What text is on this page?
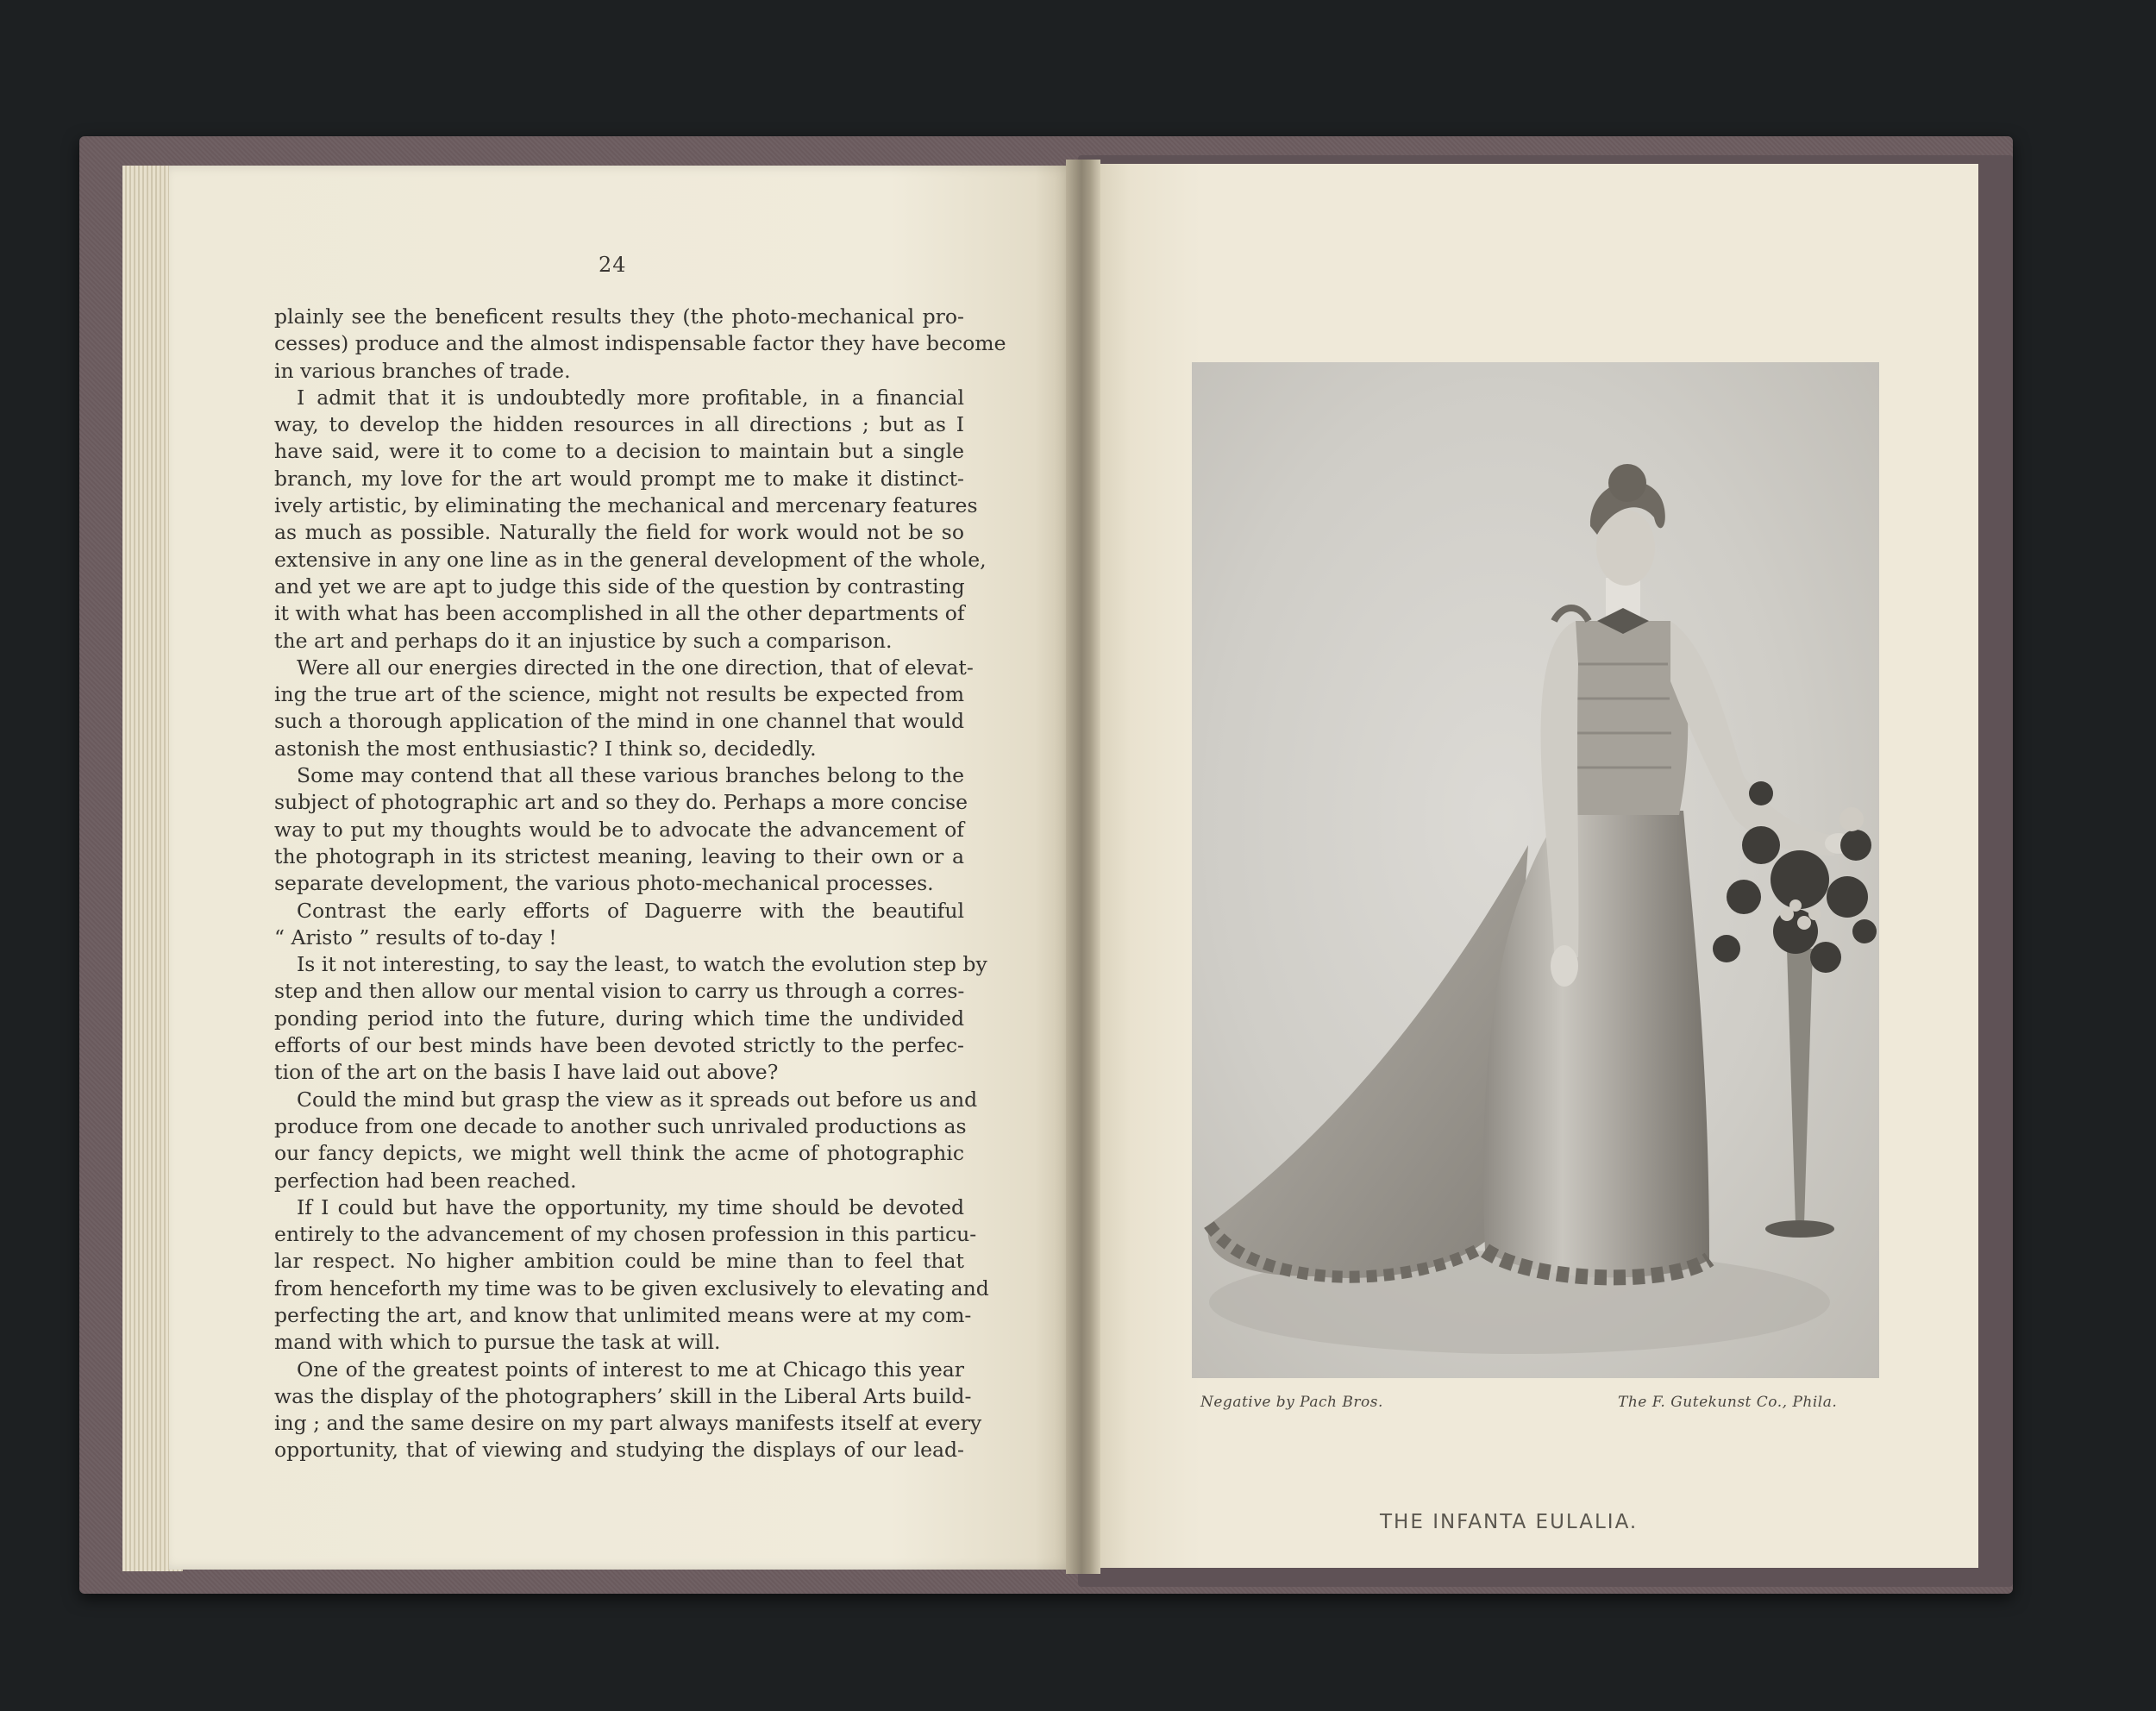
24
plainly see the beneficent results they (the photo-mechanical pro-
cesses) produce and the almost indispensable factor they have become
in various branches of trade.
I admit that it is undoubtedly more profitable, in a financial
way, to develop the hidden resources in all directions ; but as I
have said, were it to come to a decision to maintain but a single
branch, my love for the art would prompt me to make it distinct-
ively artistic, by eliminating the mechanical and mercenary features
as much as possible. Naturally the field for work would not be so
extensive in any one line as in the general development of the whole,
and yet we are apt to judge this side of the question by contrasting
it with what has been accomplished in all the other departments of
the art and perhaps do it an injustice by such a comparison.
Were all our energies directed in the one direction, that of elevat-
ing the true art of the science, might not results be expected from
such a thorough application of the mind in one channel that would
astonish the most enthusiastic? I think so, decidedly.
Some may contend that all these various branches belong to the
subject of photographic art and so they do. Perhaps a more concise
way to put my thoughts would be to advocate the advancement of
the photograph in its strictest meaning, leaving to their own or a
separate development, the various photo-mechanical processes.
Contrast the early efforts of Daguerre with the beautiful
“ Aristo ” results of to-day !
Is it not interesting, to say the least, to watch the evolution step by
step and then allow our mental vision to carry us through a corres-
ponding period into the future, during which time the undivided
efforts of our best minds have been devoted strictly to the perfec-
tion of the art on the basis I have laid out above?
Could the mind but grasp the view as it spreads out before us and
produce from one decade to another such unrivaled productions as
our fancy depicts, we might well think the acme of photographic
perfection had been reached.
If I could but have the opportunity, my time should be devoted
entirely to the advancement of my chosen profession in this particu-
lar respect. No higher ambition could be mine than to feel that
from henceforth my time was to be given exclusively to elevating and
perfecting the art, and know that unlimited means were at my com-
mand with which to pursue the task at will.
One of the greatest points of interest to me at Chicago this year
was the display of the photographers’ skill in the Liberal Arts build-
ing ; and the same desire on my part always manifests itself at every
opportunity, that of viewing and studying the displays of our lead-
Negative by Pach Bros.	The F. Gutekunst Co., Phila.
THE INFANTA EULALIA.
